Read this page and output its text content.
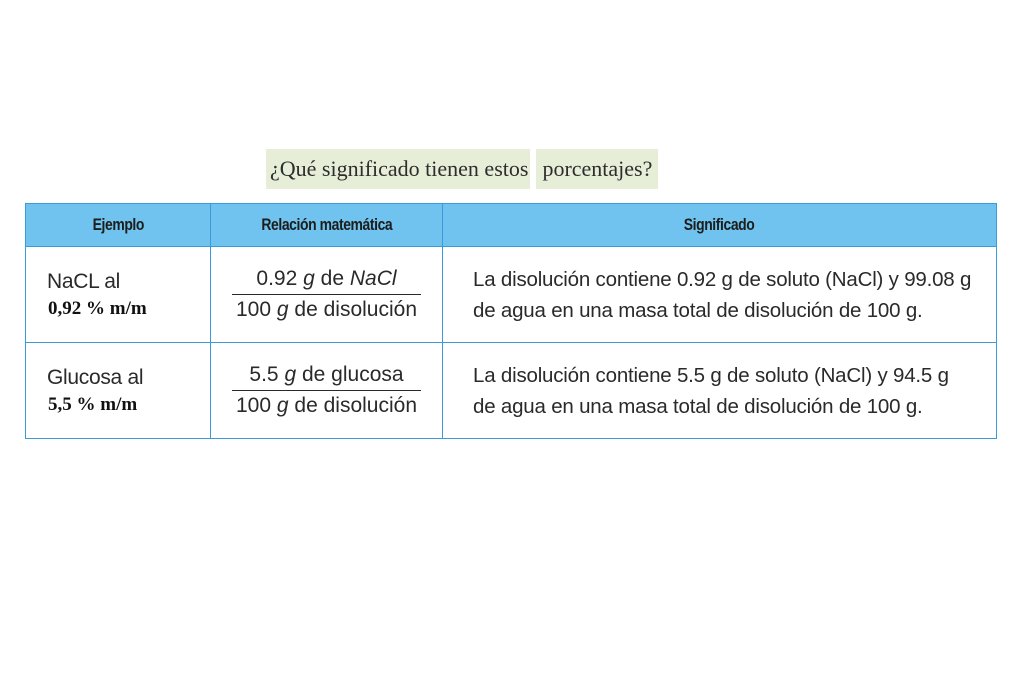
¿Qué significado tienen estos porcentajes?
Ejemplo	Relación matemática	Significado

NaCL al
0,92 % m/m	$\frac{\text{0.92 g de NaCl}}{\text{100 g de disolución}}$	La disolución contiene 0.92 g de soluto (NaCl) y 99.08 g
de agua en una masa total de disolución de 100 g.

Glucosa al
5,5 % m/m	$\frac{\text{5.5 g de glucosa}}{\text{100 g de disolución}}$	La disolución contiene 5.5 g de soluto (NaCl) y 94.5 g
de agua en una masa total de disolución de 100 g.
